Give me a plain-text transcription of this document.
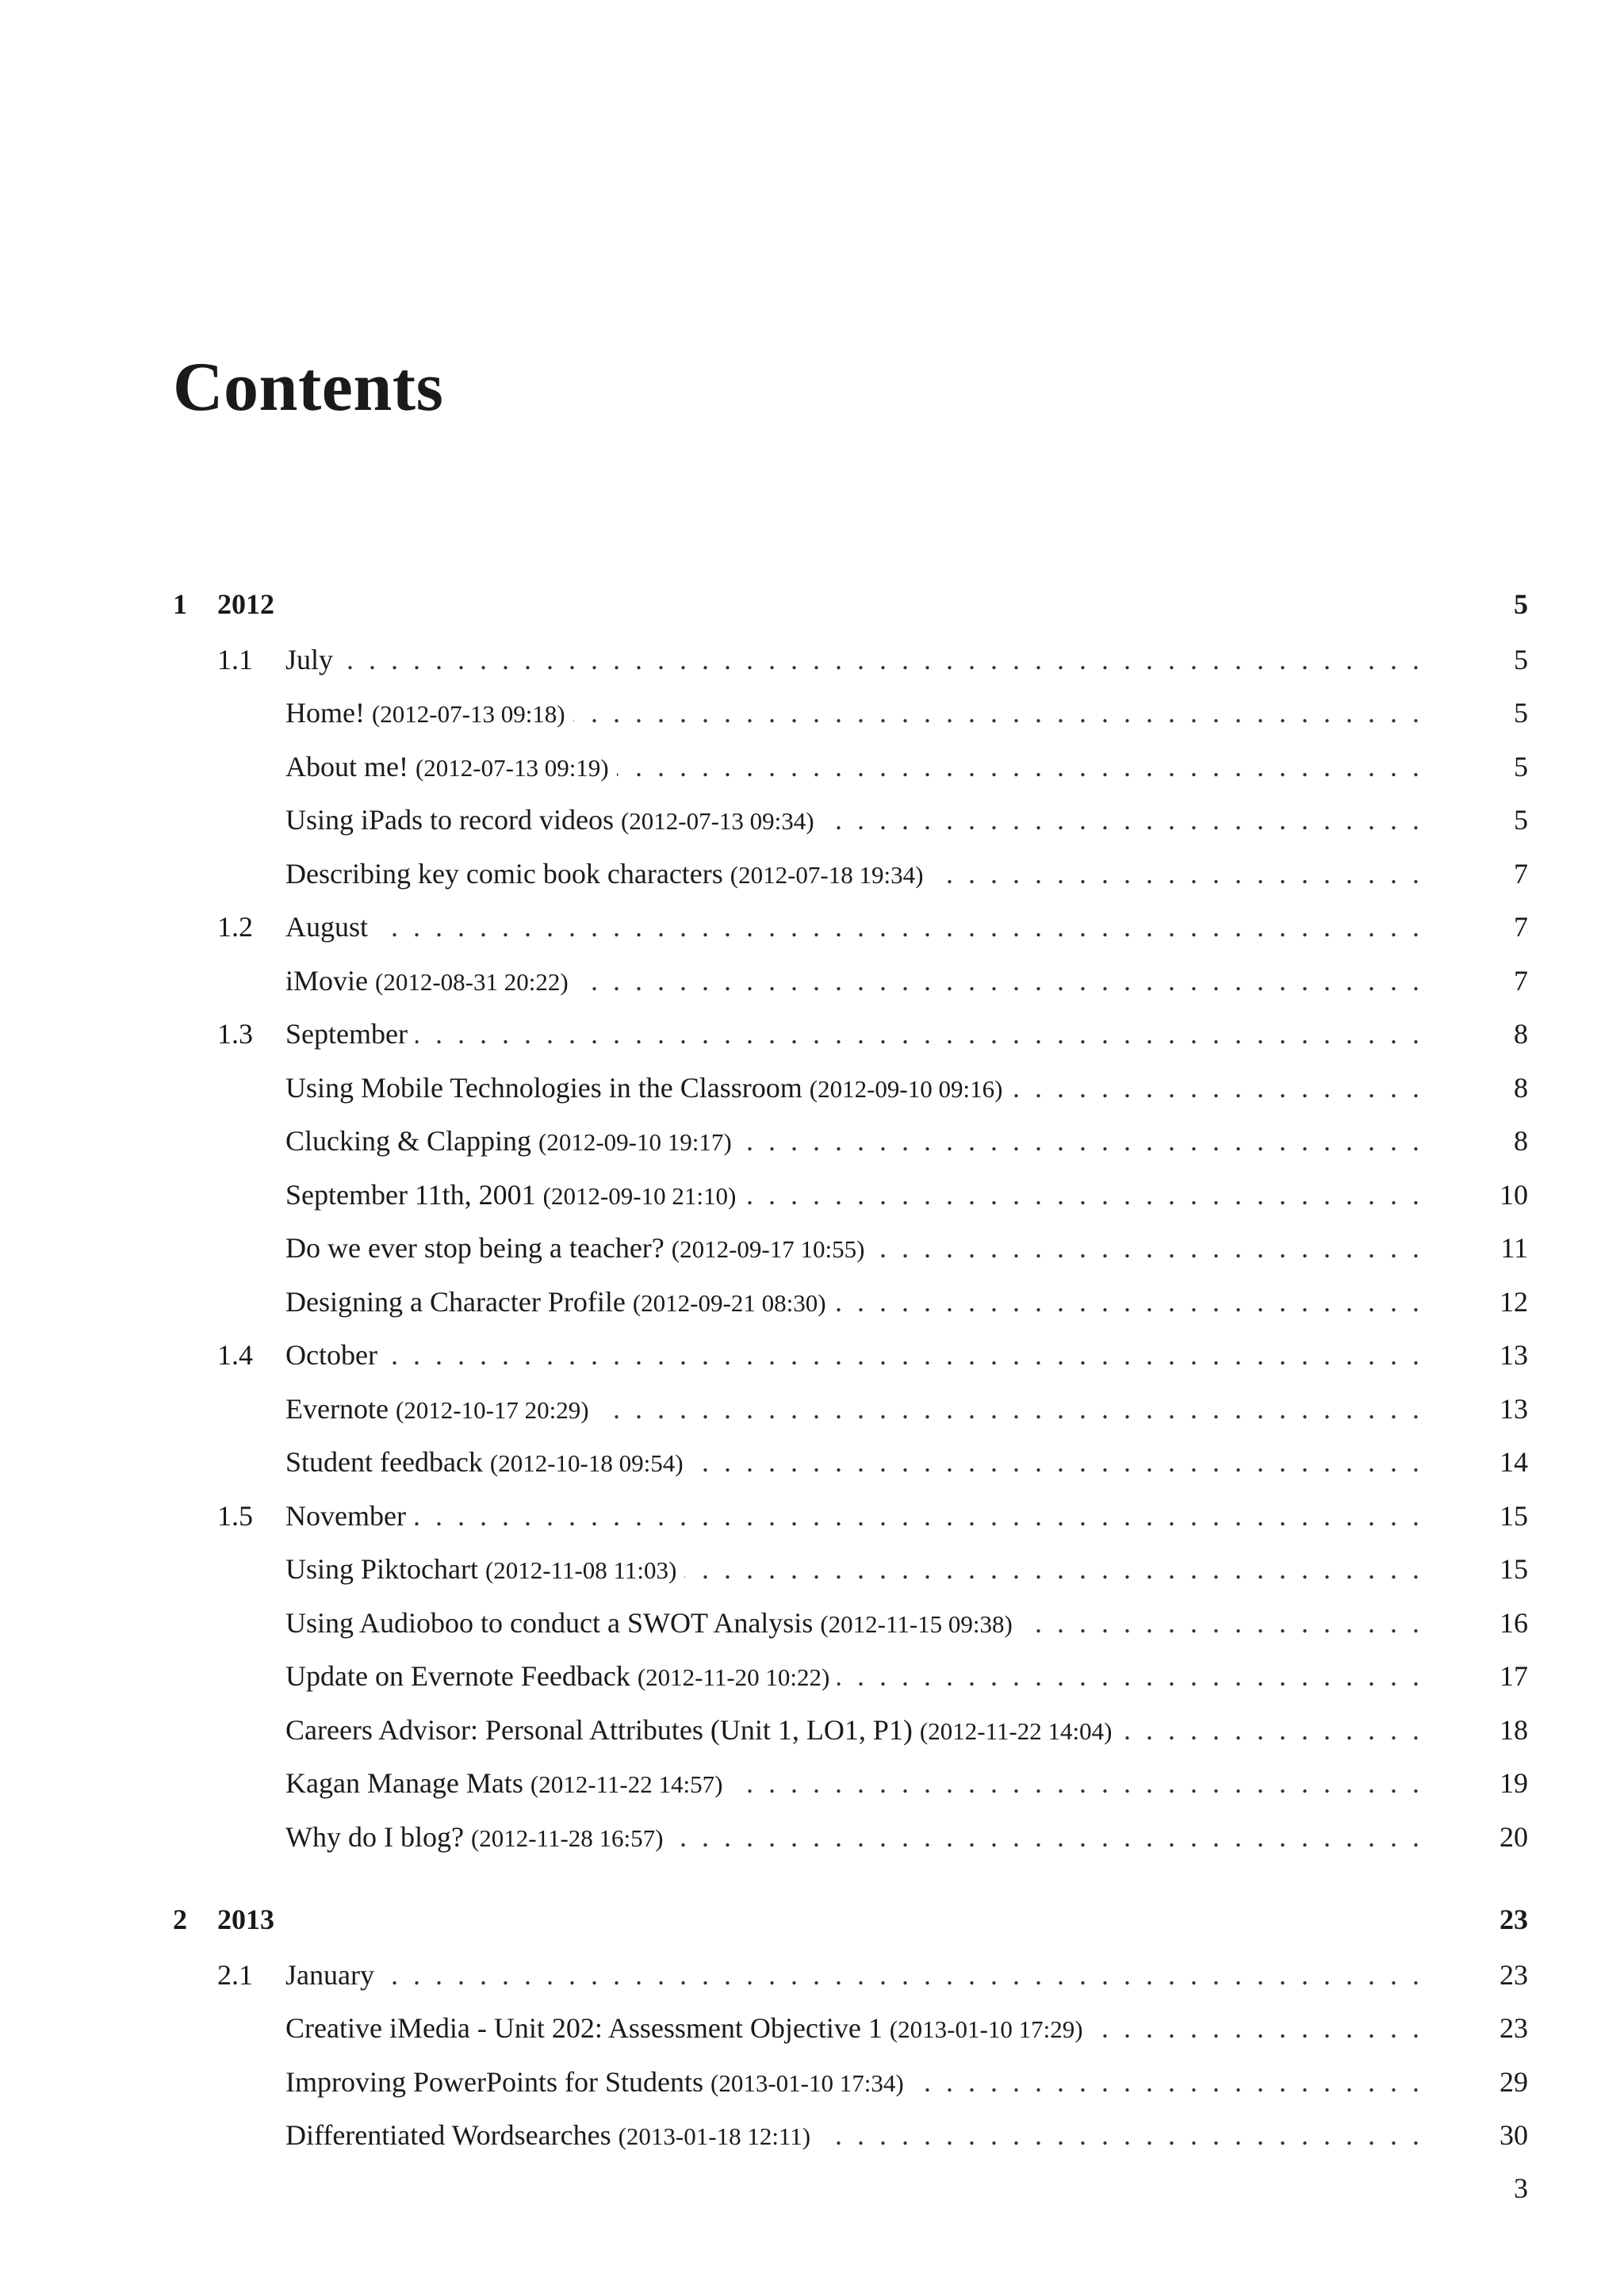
Contents
1 2012	5
1.1 July	5
. . .
Home! (2012-07-13 09:18)	5
. . .
About me! (2012-07-13 09:19)	5
. . .
Using iPads to record videos (2012-07-13 09:34)	5
. . .
Describing key comic book characters (2012-07-18 19:34)	7
. . .
1.2 August	7
. . .
iMovie (2012-08-31 20:22)	7
. . .
1.3 September	8
. . .
Using Mobile Technologies in the Classroom (2012-09-10 09:16)	8
. . .
Clucking & Clapping (2012-09-10 19:17)	8
. . .
September 11th, 2001 (2012-09-10 21:10)	10
. . .
Do we ever stop being a teacher? (2012-09-17 10:55)	11
. . .
Designing a Character Profile (2012-09-21 08:30)	12
. . .
1.4 October	13
. . .
Evernote (2012-10-17 20:29)	13
. . .
Student feedback (2012-10-18 09:54)	14
. . .
1.5 November	15
. . .
Using Piktochart (2012-11-08 11:03)	15
. . .
Using Audioboo to conduct a SWOT Analysis (2012-11-15 09:38)	16
. . .
Update on Evernote Feedback (2012-11-20 10:22)	17
. . .
Careers Advisor: Personal Attributes (Unit 1, LO1, P1) (2012-11-22 14:04)	18
. . .
Kagan Manage Mats (2012-11-22 14:57)	19
. . .
Why do I blog? (2012-11-28 16:57)	20
. . .
2 2013	23
2.1 January	23
. . .
Creative iMedia - Unit 202: Assessment Objective 1 (2013-01-10 17:29)	23
. . .
Improving PowerPoints for Students (2013-01-10 17:34)	29
. . .
Differentiated Wordsearches (2013-01-18 12:11)	30
. . .
3
